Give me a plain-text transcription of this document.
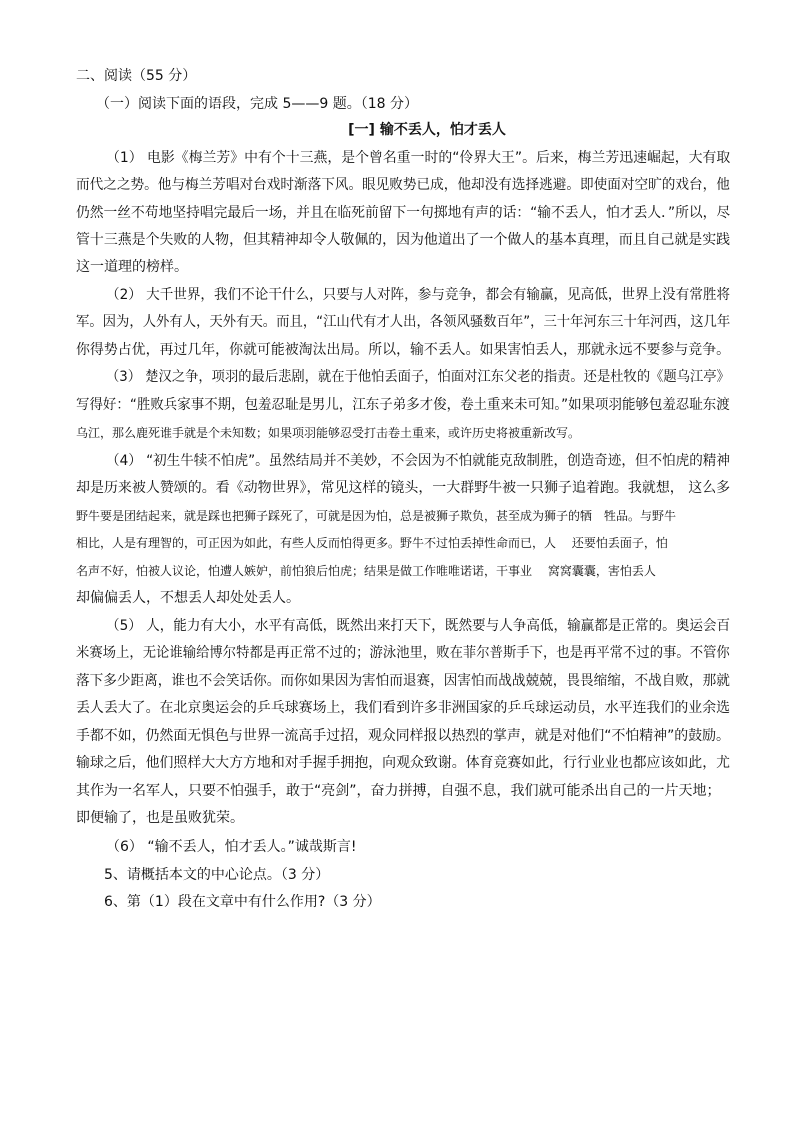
二、阅读（55 分）
（一）阅读下面的语段，完成 5——9 题。（18 分）
[一] 输不丢人，怕才丢人
（1） 电影《梅兰芳》中有个十三燕，是个曾名重一时的“伶界大王”。后来，梅兰芳迅速崛起，大有取
而代之之势。他与梅兰芳唱对台戏时渐落下风。眼见败势已成，他却没有选择逃避。即使面对空旷的戏台，他
仍然一丝不苟地坚持唱完最后一场，并且在临死前留下一句掷地有声的话：“输不丢人，怕才丢人．”所以，尽
管十三燕是个失败的人物，但其精神却令人敬佩的，因为他道出了一个做人的基本真理，而且自己就是实践
这一道理的榜样。
（2） 大千世界，我们不论干什么，只要与人对阵，参与竞争，都会有输赢，见高低，世界上没有常胜将
军。因为，人外有人，天外有天。而且，“江山代有才人出，各领风骚数百年”，三十年河东三十年河西，这几年
你得势占优，再过几年，你就可能被淘汰出局。所以，输不丢人。如果害怕丢人，那就永远不要参与竞争。
（3） 楚汉之争，项羽的最后悲剧，就在于他怕丢面子，怕面对江东父老的指责。还是杜牧的《题乌江亭》
写得好：“胜败兵家事不期，包羞忍耻是男儿，江东子弟多才俊，卷土重来未可知。”如果项羽能够包羞忍耻东渡
乌江，那么鹿死谁手就是个未知数；如果项羽能够忍受打击卷土重来，或许历史将被重新改写。
（4） “初生牛犊不怕虎”。虽然结局并不美妙，不会因为不怕就能克敌制胜，创造奇迹，但不怕虎的精神
却是历来被人赞颂的。看《动物世界》，常见这样的镜头，一大群野牛被一只狮子追着跑。我就想， 这么多
野牛要是团结起来，就是踩也把狮子踩死了，可就是因为怕，总是被狮子欺负，甚至成为狮子的牺　牲品。与野牛
相比，人是有理智的，可正因为如此，有些人反而怕得更多。野牛不过怕丢掉性命而已，人　 还要怕丢面子，怕
名声不好，怕被人议论，怕遭人嫉妒，前怕狼后怕虎；结果是做工作唯唯诺诺，干事业　 窝窝囊囊，害怕丢人
却偏偏丢人，不想丢人却处处丢人。
（5） 人，能力有大小，水平有高低，既然出来打天下，既然要与人争高低，输赢都是正常的。奥运会百
米赛场上，无论谁输给博尔特都是再正常不过的；游泳池里，败在菲尔普斯手下，也是再平常不过的事。不管你
落下多少距离，谁也不会笑话你。而你如果因为害怕而退赛，因害怕而战战兢兢，畏畏缩缩，不战自败，那就
丢人丢大了。在北京奥运会的乒乓球赛场上，我们看到许多非洲国家的乒乓球运动员，水平连我们的业余选
手都不如，仍然面无惧色与世界一流高手过招，观众同样报以热烈的掌声，就是对他们“不怕精神”的鼓励。
输球之后，他们照样大大方方地和对手握手拥抱，向观众致谢。体育竞赛如此，行行业业也都应该如此，尤
其作为一名军人，只要不怕强手，敢于“亮剑”，奋力拼搏，自强不息，我们就可能杀出自己的一片天地；
即便输了，也是虽败犹荣。
（6） “输不丢人，怕才丢人。”诚哉斯言!
5、请概括本文的中心论点。（3 分）
6、第（1）段在文章中有什么作用?（3 分）
